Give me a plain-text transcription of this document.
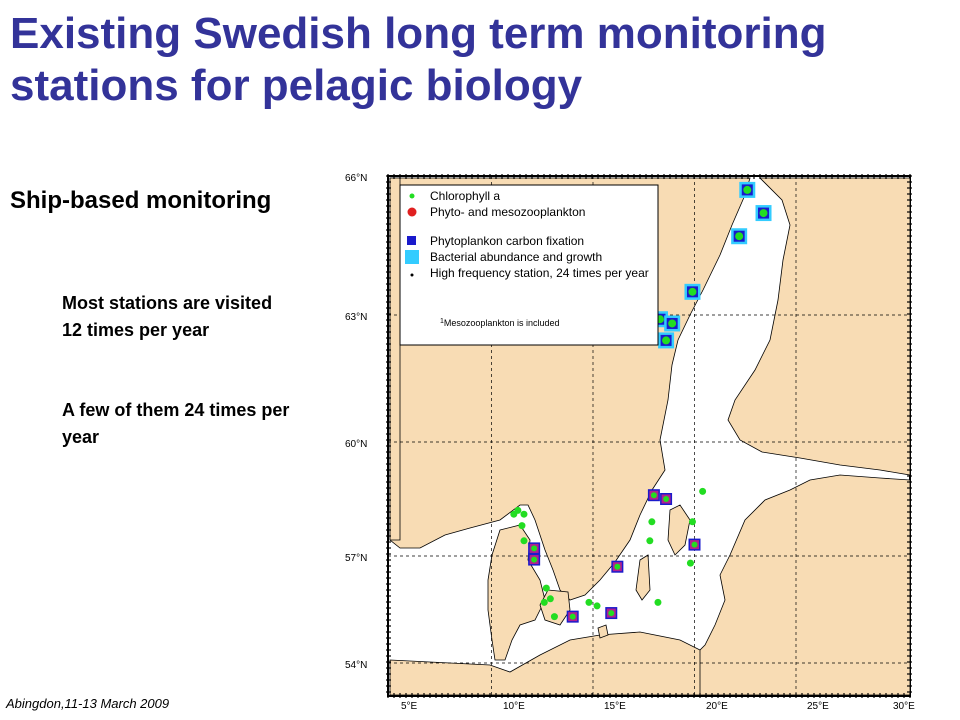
Existing Swedish long term monitoring stations for pelagic biology
Ship-based monitoring
Most stations are visited 12 times per year
A few of them 24 times per year
Abingdon,11-13 March 2009
Chlorophyll a
Phyto- and mesozooplankton
Phytoplankon carbon fixation
Bacterial abundance and growth
High frequency station, 24 times per year
$^1$Mesozooplankton is included
66°N
63°N
60°N
57°N
54°N
5°E	10°E	15°E	20°E	25°E	30°E
